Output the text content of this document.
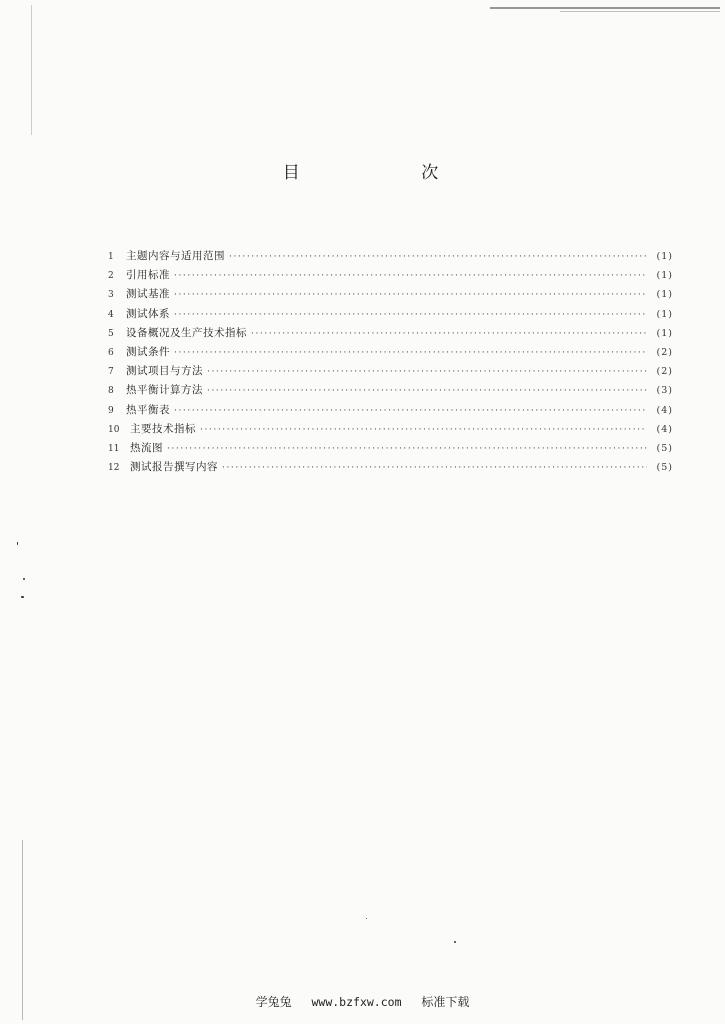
目 次
1	主题内容与适用范围 ·····	(1)
2	引用标准 ·····	(1)
3	测试基准 ·····	(1)
4	测试体系 ·····	(1)
5	设备概况及生产技术指标 ·····	(1)
6	测试条件 ·····	(2)
7	测试项目与方法 ·····	(2)
8	热平衡计算方法 ·····	(3)
9	热平衡表 ·····	(4)
10	主要技术指标 ·····	(4)
11	热流图 ·····	(5)
12	测试报告撰写内容 ·····	(5)
学兔兔 www.bzfxw.com 标准下载
